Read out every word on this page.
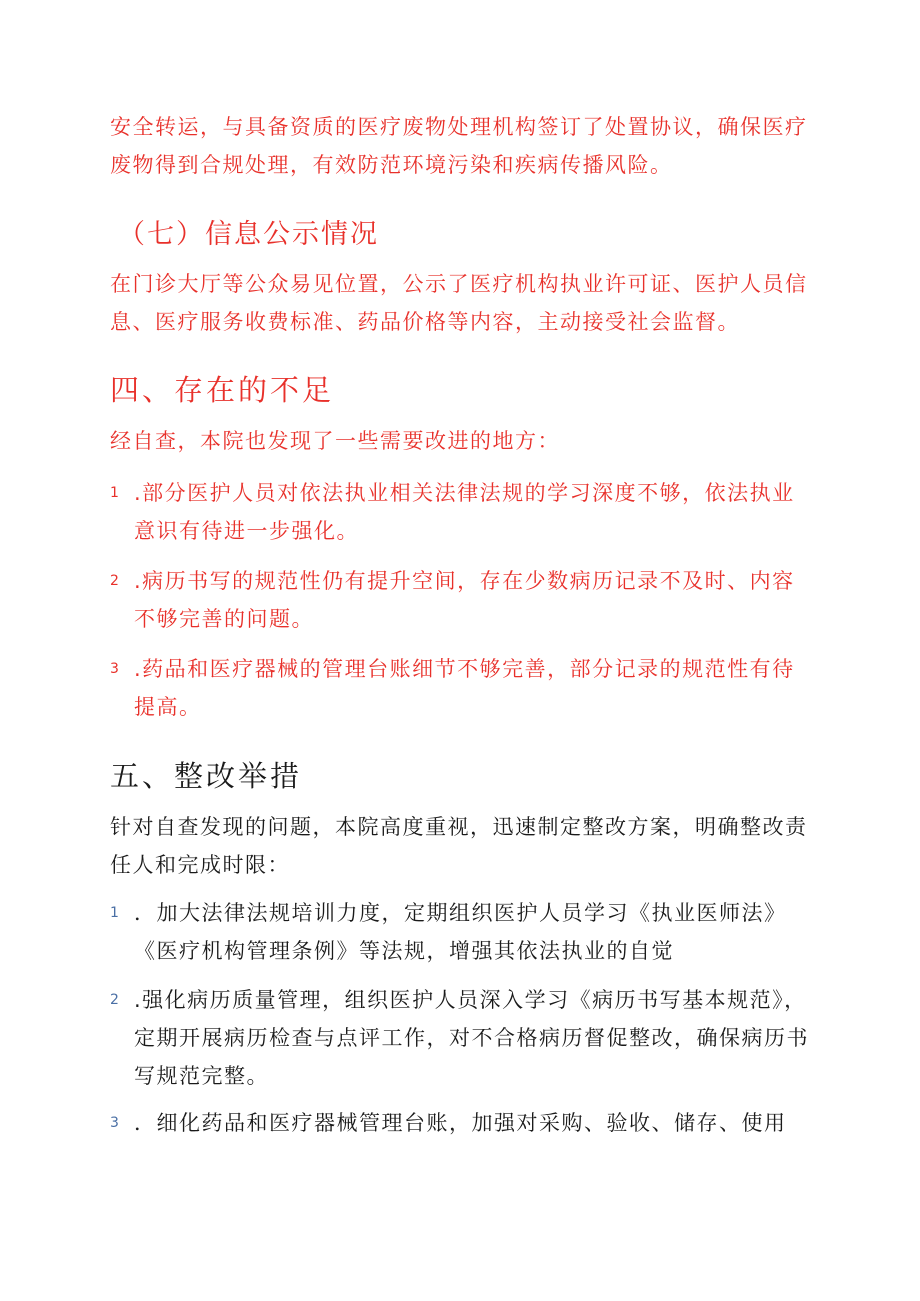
安全转运，与具备资质的医疗废物处理机构签订了处置协议，确保医疗废物得到合规处理，有效防范环境污染和疾病传播风险。
（七）信息公示情况
在门诊大厅等公众易见位置，公示了医疗机构执业许可证、医护人员信息、医疗服务收费标准、药品价格等内容，主动接受社会监督。
四、存在的不足
经自查，本院也发现了一些需要改进的地方：
1 .部分医护人员对依法执业相关法律法规的学习深度不够，依法执业意识有待进一步强化。
2 .病历书写的规范性仍有提升空间，存在少数病历记录不及时、内容不够完善的问题。
3 .药品和医疗器械的管理台账细节不够完善，部分记录的规范性有待提高。
五、整改举措
针对自查发现的问题，本院高度重视，迅速制定整改方案，明确整改责任人和完成时限：
1 ．加大法律法规培训力度，定期组织医护人员学习《执业医师法》《医疗机构管理条例》等法规，增强其依法执业的自觉
2 .强化病历质量管理，组织医护人员深入学习《病历书写基本规范》，定期开展病历检查与点评工作，对不合格病历督促整改，确保病历书写规范完整。
3 ．细化药品和医疗器械管理台账，加强对采购、验收、储存、使用
